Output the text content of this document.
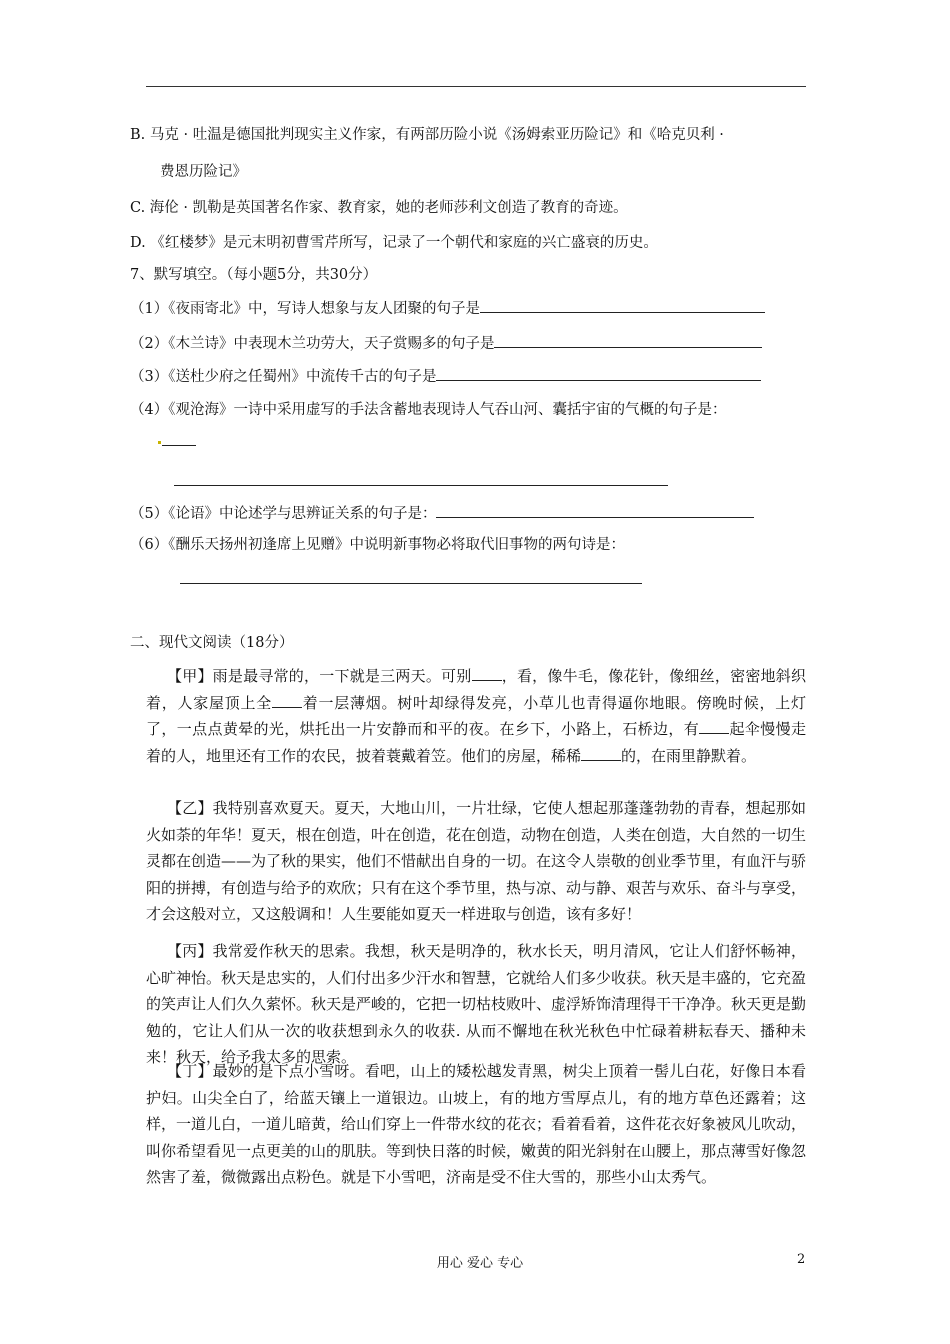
B. 马克 · 吐温是德国批判现实主义作家，有两部历险小说《汤姆索亚历险记》和《哈克贝利 ·
费恩历险记》
C. 海伦 · 凯勒是英国著名作家、教育家，她的老师莎利文创造了教育的奇迹。
D. 《红楼梦》是元末明初曹雪芹所写，记录了一个朝代和家庭的兴亡盛衰的历史。
7、默写填空。（每小题5分，共30分）
（1）《夜雨寄北》中，写诗人想象与友人团聚的句子是
（2）《木兰诗》中表现木兰功劳大，天子赏赐多的句子是
（3）《送杜少府之任蜀州》中流传千古的句子是
（4）《观沧海》一诗中采用虚写的手法含蓄地表现诗人气吞山河、囊括宇宙的气概的句子是：
（5）《论语》中论述学与思辨证关系的句子是：
（6）《酬乐天扬州初逢席上见赠》中说明新事物必将取代旧事物的两句诗是：
二、现代文阅读（18分）

【甲】雨是最寻常的，一下就是三两天。可别 ，看，像牛毛，像花针，像细丝，密密地斜织着，人家屋顶上全 着一层薄烟。树叶却绿得发亮，小草儿也青得逼你地眼。傍晚时候，上灯了，一点点黄晕的光，烘托出一片安静而和平的夜。在乡下，小路上，石桥边，有 起伞慢慢走着的人，地里还有工作的农民，披着蓑戴着笠。他们的房屋，稀稀	的，在雨里静默着。

【乙】我特别喜欢夏天。夏天，大地山川，一片壮绿，它使人想起那蓬蓬勃勃的青春，想起那如火如荼的年华！夏天，根在创造，叶在创造，花在创造，动物在创造，人类在创造，大自然的一切生灵都在创造——为了秋的果实，他们不惜献出自身的一切。在这令人崇敬的创业季节里，有血汗与骄阳的拼搏，有创造与给予的欢欣；只有在这个季节里，热与凉、动与静、艰苦与欢乐、奋斗与享受，才会这般对立，又这般调和！人生要能如夏天一样进取与创造，该有多好！

【丙】我常爱作秋天的思索。我想，秋天是明净的，秋水长天，明月清风，它让人们舒怀畅神，心旷神怡。秋天是忠实的，人们付出多少汗水和智慧，它就给人们多少收获。秋天是丰盛的，它充盈的笑声让人们久久萦怀。秋天是严峻的，它把一切枯枝败叶、虚浮矫饰清理得干干净净。秋天更是勤勉的，它让人们从一次的收获想到永久的收获. 从而不懈地在秋光秋色中忙碌着耕耘春天、播种未来！秋天，给予我太多的思索。

【丁】最妙的是下点小雪呀。看吧，山上的矮松越发青黑，树尖上顶着一髻儿白花，好像日本看护妇。山尖全白了，给蓝天镶上一道银边。山坡上，有的地方雪厚点儿，有的地方草色还露着；这样，一道儿白，一道儿暗黄，给山们穿上一件带水纹的花衣；看着看着，这件花衣好象被风儿吹动，叫你希望看见一点更美的山的肌肤。等到快日落的时候，嫩黄的阳光斜射在山腰上，那点薄雪好像忽然害了羞，微微露出点粉色。就是下小雪吧，济南是受不住大雪的，那些小山太秀气。

用心 爱心 专心	2
